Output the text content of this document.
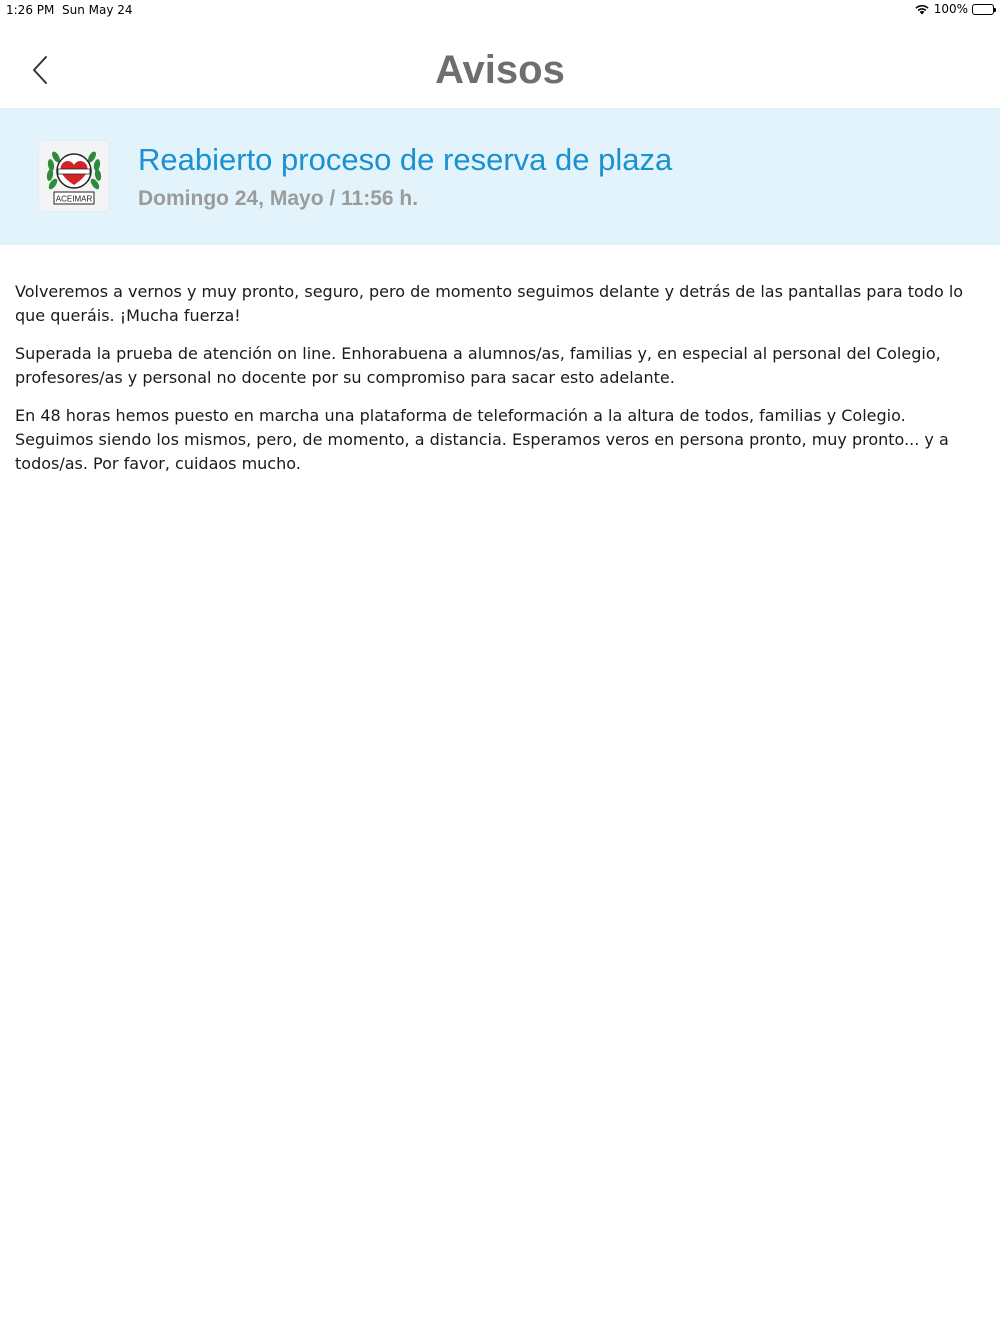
1:26 PM Sun May 24	100%
Avisos
ACEIMAR
Reabierto proceso de reserva de plaza
Domingo 24, Mayo / 11:56 h.

Volveremos a vernos y muy pronto, seguro, pero de momento seguimos delante y detrás de las pantallas para todo lo que queráis. ¡Mucha fuerza!

Superada la prueba de atención on line. Enhorabuena a alumnos/as, familias y, en especial al personal del Colegio, profesores/as y personal no docente por su compromiso para sacar esto adelante.

En 48 horas hemos puesto en marcha una plataforma de teleformación a la altura de todos, familias y Colegio. Seguimos siendo los mismos, pero, de momento, a distancia. Esperamos veros en persona pronto, muy pronto... y a todos/as. Por favor, cuidaos mucho.
